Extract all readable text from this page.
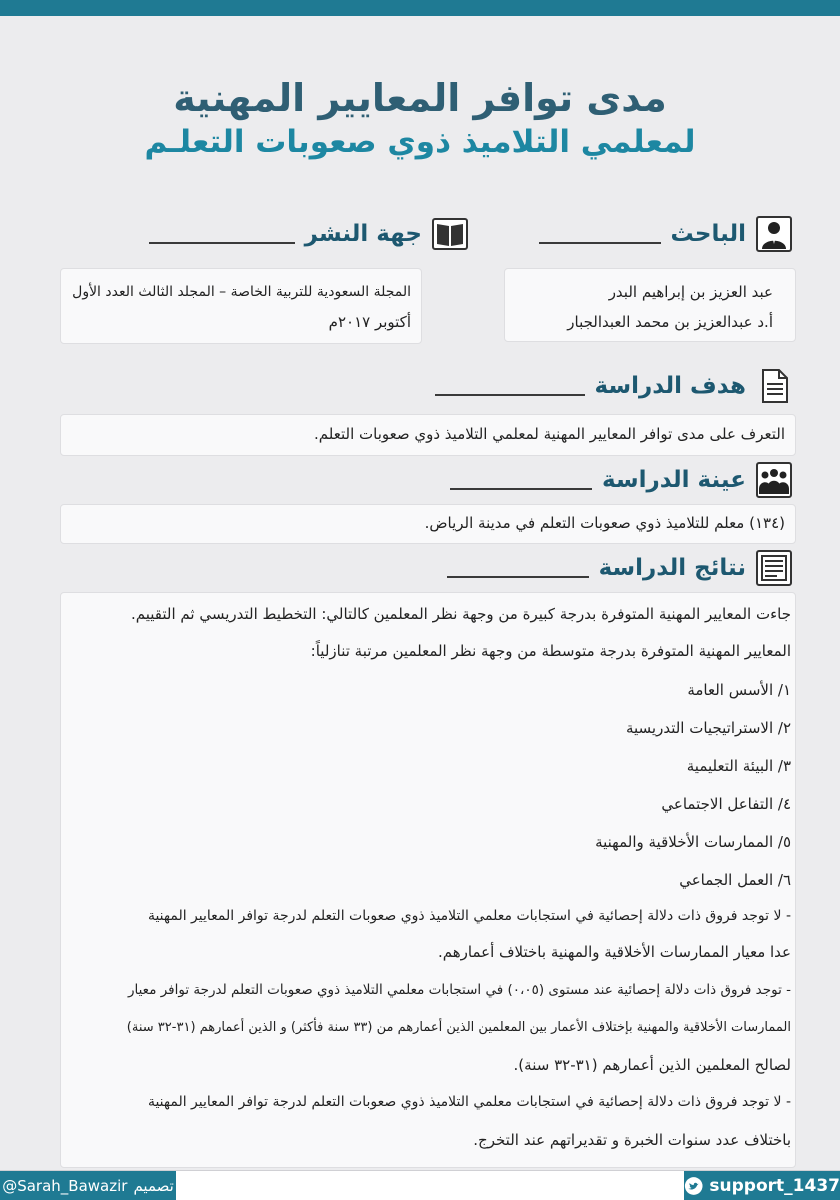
مدى توافر المعايير المهنية
لمعلمي التلاميذ ذوي صعوبات التعلـم
الباحث
جهة النشر

عبد العزيز بن إبراهيم البدر

أ.د عبدالعزيز بن محمد العبدالجبار

المجلة السعودية للتربية الخاصة – المجلد الثالث العدد الأول

أكتوبر ٢٠١٧م

هدف الدراسة

التعرف على مدى توافر المعايير المهنية لمعلمي التلاميذ ذوي صعوبات التعلم.

عينة الدراسة

(١٣٤) معلم للتلاميذ ذوي صعوبات التعلم في مدينة الرياض.

نتائج الدراسة

جاءت المعايير المهنية المتوفرة بدرجة كبيرة من وجهة نظر المعلمين كالتالي: التخطيط التدريسي ثم التقييم.

المعايير المهنية المتوفرة بدرجة متوسطة من وجهة نظر المعلمين مرتبة تنازلياً:

١/ الأسس العامة

٢/ الاستراتيجيات التدريسية

٣/ البيئة التعليمية

٤/ التفاعل الاجتماعي

٥/ الممارسات الأخلاقية والمهنية

٦/ العمل الجماعي

- لا توجد فروق ذات دلالة إحصائية في استجابات معلمي التلاميذ ذوي صعوبات التعلم لدرجة توافر المعايير المهنية

عدا معيار الممارسات الأخلاقية والمهنية باختلاف أعمارهم.

- توجد فروق ذات دلالة إحصائية عند مستوى (٠،٠٥) في استجابات معلمي التلاميذ ذوي صعوبات التعلم لدرجة توافر معيار

الممارسات الأخلاقية والمهنية بإختلاف الأعمار بين المعلمين الذين أعمارهم من (٣٣ سنة فأكثر) و الذين أعمارهم (٣١-٣٢ سنة)

لصالح المعلمين الذين أعمارهم (٣١-٣٢ سنة).

- لا توجد فروق ذات دلالة إحصائية في استجابات معلمي التلاميذ ذوي صعوبات التعلم لدرجة توافر المعايير المهنية

باختلاف عدد سنوات الخبرة و تقديراتهم عند التخرج.

تصميم
@Sarah_Bawazir	support_1437
